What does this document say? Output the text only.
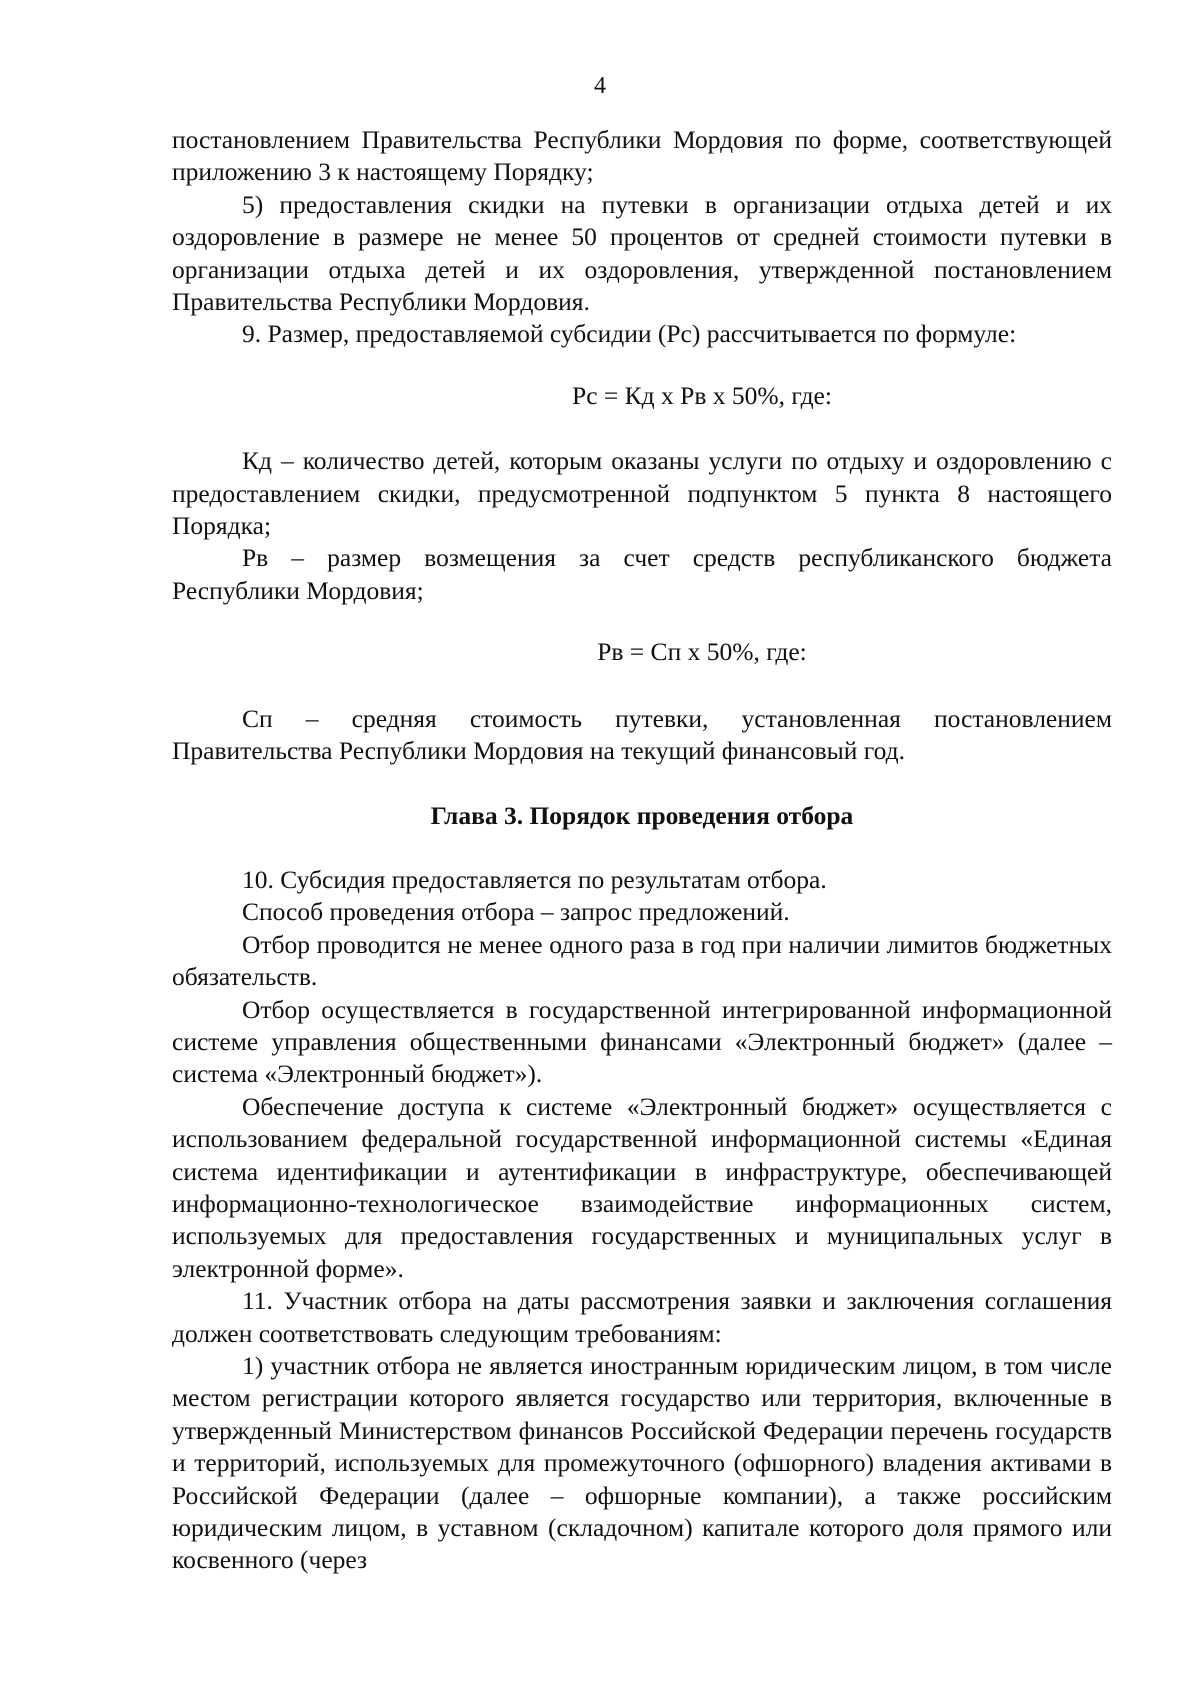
4

постановлением Правительства Республики Мордовия по форме, соответствующей приложению 3 к настоящему Порядку;

5) предоставления скидки на путевки в организации отдыха детей и их оздоровление в размере не менее 50 процентов от средней стоимости путевки в организации отдыха детей и их оздоровления, утвержденной постановлением Правительства Республики Мордовия.

9. Размер, предоставляемой субсидии (Рс) рассчитывается по формуле:

Рс = Кд х Рв х 50%, где:

Кд – количество детей, которым оказаны услуги по отдыху и оздоровлению с предоставлением скидки, предусмотренной подпунктом 5 пункта 8 настоящего Порядка;

Рв – размер возмещения за счет средств республиканского бюджета Республики Мордовия;

Рв = Сп х 50%, где:

Сп – средняя стоимость путевки, установленная постановлением Правительства Республики Мордовия на текущий финансовый год.

Глава 3. Порядок проведения отбора

10. Субсидия предоставляется по результатам отбора.

Способ проведения отбора – запрос предложений.

Отбор проводится не менее одного раза в год при наличии лимитов бюджетных обязательств.

Отбор осуществляется в государственной интегрированной информационной системе управления общественными финансами «Электронный бюджет» (далее – система «Электронный бюджет»).

Обеспечение доступа к системе «Электронный бюджет» осуществляется с использованием федеральной государственной информационной системы «Единая система идентификации и аутентификации в инфраструктуре, обеспечивающей информационно-технологическое взаимодействие информационных систем, используемых для предоставления государственных и муниципальных услуг в электронной форме».

11. Участник отбора на даты рассмотрения заявки и заключения соглашения должен соответствовать следующим требованиям:

1) участник отбора не является иностранным юридическим лицом, в том числе местом регистрации которого является государство или территория, включенные в утвержденный Министерством финансов Российской Федерации перечень государств и территорий, используемых для промежуточного (офшорного) владения активами в Российской Федерации (далее – офшорные компании), а также российским юридическим лицом, в уставном (складочном) капитале которого доля прямого или косвенного (через
